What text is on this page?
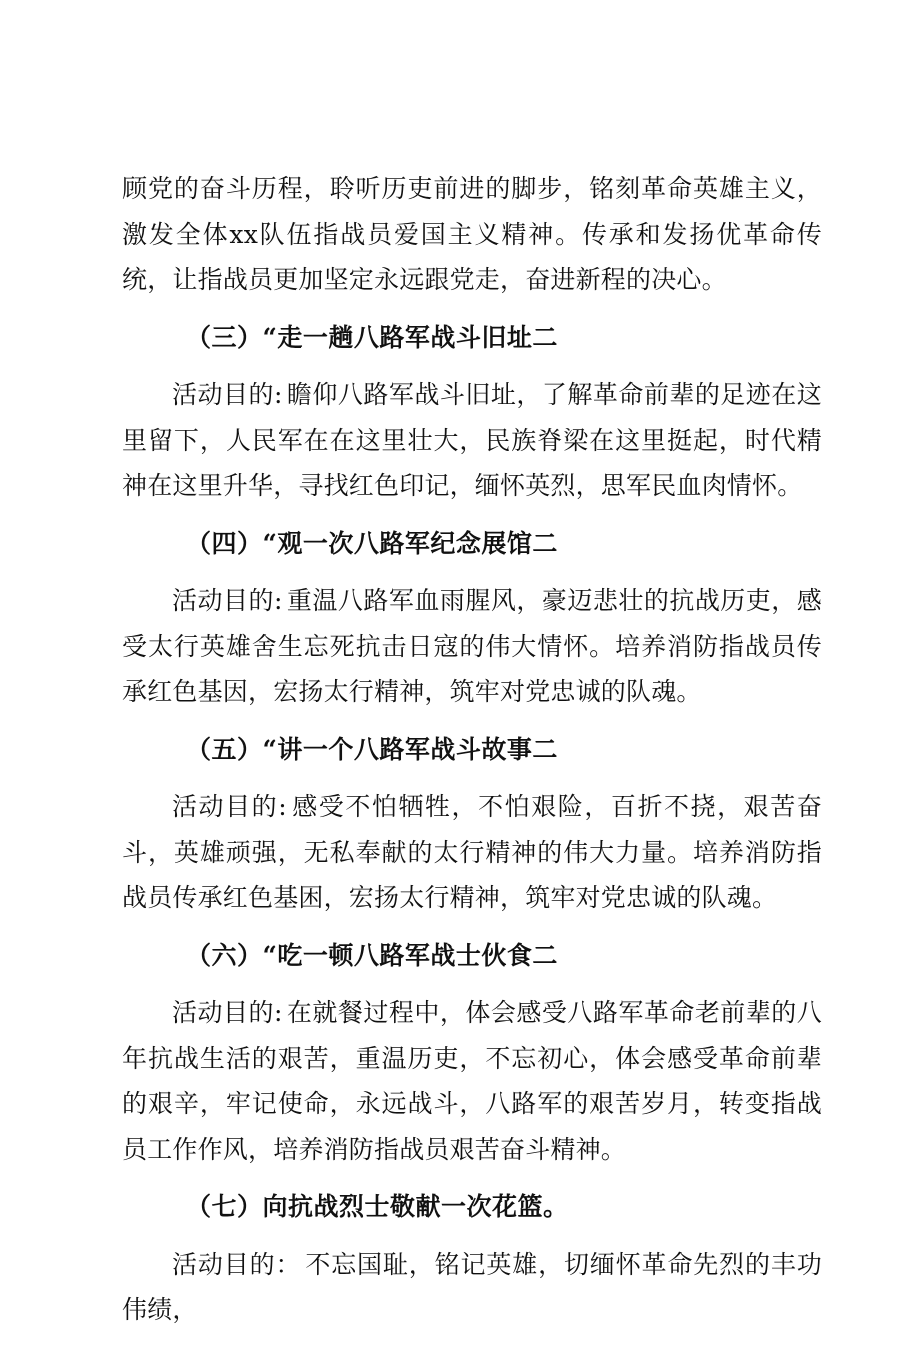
顾党的奋斗历程，聆听历吏前进的脚步，铭刻革命英雄主义，激发全体xx队伍指战员爱国主义精神。传承和发扬优革命传统，让指战员更加坚定永远跟党走，奋进新程的决心。

（三）“走一趟八路军战斗旧址二

活动目的: 瞻仰八路军战斗旧址，了解革命前辈的足迹在这里留下，人民军在在这里壮大，民族脊梁在这里挺起，时代精神在这里升华，寻找红色印记，缅怀英烈，思军民血肉情怀。

（四）“观一次八路军纪念展馆二

活动目的: 重温八路军血雨腥风，豪迈悲壮的抗战历吏，感受太行英雄舍生忘死抗击日寇的伟大情怀。培养消防指战员传承红色基因，宏扬太行精神，筑牢对党忠诚的队魂。

（五）“讲一个八路军战斗故事二

活动目的: 感受不怕牺牲，不怕艰险，百折不挠，艰苦奋斗，英雄顽强，无私奉献的太行精神的伟大力量。培养消防指战员传承红色基困，宏扬太行精神，筑牢对党忠诚的队魂。

（六）“吃一顿八路军战士伙食二

活动目的: 在就餐过程中，体会感受八路军革命老前辈的八年抗战生活的艰苦，重温历吏，不忘初心，体会感受革命前辈的艰辛，牢记使命，永远战斗，八路军的艰苦岁月，转变指战员工作作风，培养消防指战员艰苦奋斗精神。

（七）向抗战烈士敬献一次花篮。

活动目的： 不忘国耻，铭记英雄，切缅怀革命先烈的丰功伟绩，
